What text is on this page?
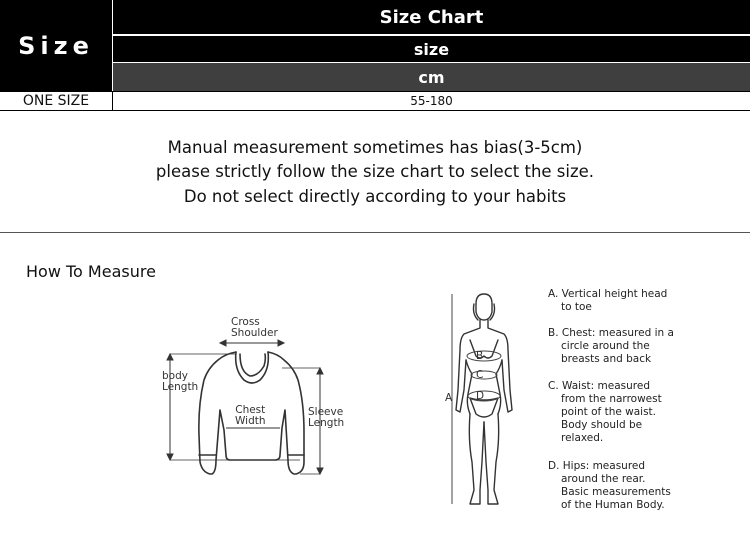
Size
Size Chart
size
cm
ONE SIZE	55-180
Manual measurement sometimes has bias(3-5cm)
please strictly follow the size chart to select the size.
Do not select directly according to your habits
How To Measure
Cross
Shoulder
body
Length
Chest
Width
Sleeve
Length
B
C
D
A
A. Vertical height head
to toe
B. Chest: measured in a
circle around the
breasts and back
C. Waist: measured
from the narrowest
point of the waist.
Body should be
relaxed.
D. Hips: measured
around the rear.
Basic measurements
of the Human Body.
